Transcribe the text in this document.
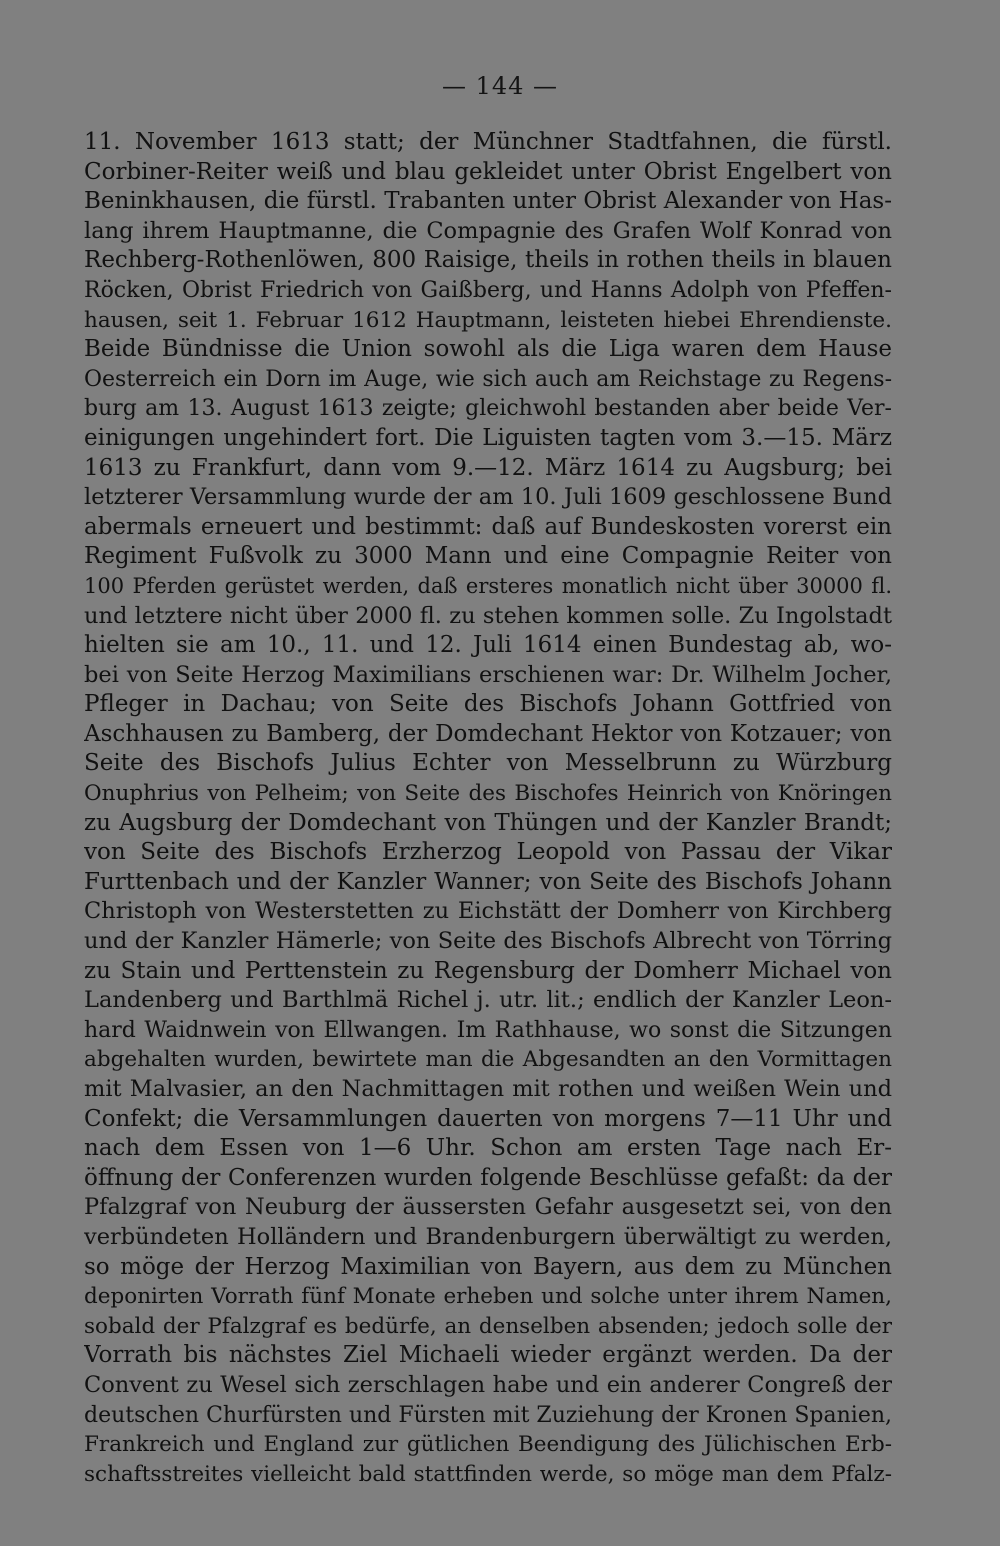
— 144 —
11. November 1613 statt; der Münchner Stadtfahnen, die fürstl.
Corbiner-Reiter weiß und blau gekleidet unter Obrist Engelbert von
Beninkhausen, die fürstl. Trabanten unter Obrist Alexander von Has-
lang ihrem Hauptmanne, die Compagnie des Grafen Wolf Konrad von
Rechberg-Rothenlöwen, 800 Raisige, theils in rothen theils in blauen
Röcken, Obrist Friedrich von Gaißberg, und Hanns Adolph von Pfeffen-
hausen, seit 1. Februar 1612 Hauptmann, leisteten hiebei Ehrendienste.
Beide Bündnisse die Union sowohl als die Liga waren dem Hause
Oesterreich ein Dorn im Auge, wie sich auch am Reichstage zu Regens-
burg am 13. August 1613 zeigte; gleichwohl bestanden aber beide Ver-
einigungen ungehindert fort. Die Liguisten tagten vom 3.—15. März
1613 zu Frankfurt, dann vom 9.—12. März 1614 zu Augsburg; bei
letzterer Versammlung wurde der am 10. Juli 1609 geschlossene Bund
abermals erneuert und bestimmt: daß auf Bundeskosten vorerst ein
Regiment Fußvolk zu 3000 Mann und eine Compagnie Reiter von
100 Pferden gerüstet werden, daß ersteres monatlich nicht über 30000 fl.
und letztere nicht über 2000 fl. zu stehen kommen solle. Zu Ingolstadt
hielten sie am 10., 11. und 12. Juli 1614 einen Bundestag ab, wo-
bei von Seite Herzog Maximilians erschienen war: Dr. Wilhelm Jocher,
Pfleger in Dachau; von Seite des Bischofs Johann Gottfried von
Aschhausen zu Bamberg, der Domdechant Hektor von Kotzauer; von
Seite des Bischofs Julius Echter von Messelbrunn zu Würzburg
Onuphrius von Pelheim; von Seite des Bischofes Heinrich von Knöringen
zu Augsburg der Domdechant von Thüngen und der Kanzler Brandt;
von Seite des Bischofs Erzherzog Leopold von Passau der Vikar
Furttenbach und der Kanzler Wanner; von Seite des Bischofs Johann
Christoph von Westerstetten zu Eichstätt der Domherr von Kirchberg
und der Kanzler Hämerle; von Seite des Bischofs Albrecht von Törring
zu Stain und Perttenstein zu Regensburg der Domherr Michael von
Landenberg und Barthlmä Richel j. utr. lit.; endlich der Kanzler Leon-
hard Waidnwein von Ellwangen. Im Rathhause, wo sonst die Sitzungen
abgehalten wurden, bewirtete man die Abgesandten an den Vormittagen
mit Malvasier, an den Nachmittagen mit rothen und weißen Wein und
Confekt; die Versammlungen dauerten von morgens 7—11 Uhr und
nach dem Essen von 1—6 Uhr. Schon am ersten Tage nach Er-
öffnung der Conferenzen wurden folgende Beschlüsse gefaßt: da der
Pfalzgraf von Neuburg der äussersten Gefahr ausgesetzt sei, von den
verbündeten Holländern und Brandenburgern überwältigt zu werden,
so möge der Herzog Maximilian von Bayern, aus dem zu München
deponirten Vorrath fünf Monate erheben und solche unter ihrem Namen,
sobald der Pfalzgraf es bedürfe, an denselben absenden; jedoch solle der
Vorrath bis nächstes Ziel Michaeli wieder ergänzt werden. Da der
Convent zu Wesel sich zerschlagen habe und ein anderer Congreß der
deutschen Churfürsten und Fürsten mit Zuziehung der Kronen Spanien,
Frankreich und England zur gütlichen Beendigung des Jülichischen Erb-
schaftsstreites vielleicht bald stattfinden werde, so möge man dem Pfalz-
